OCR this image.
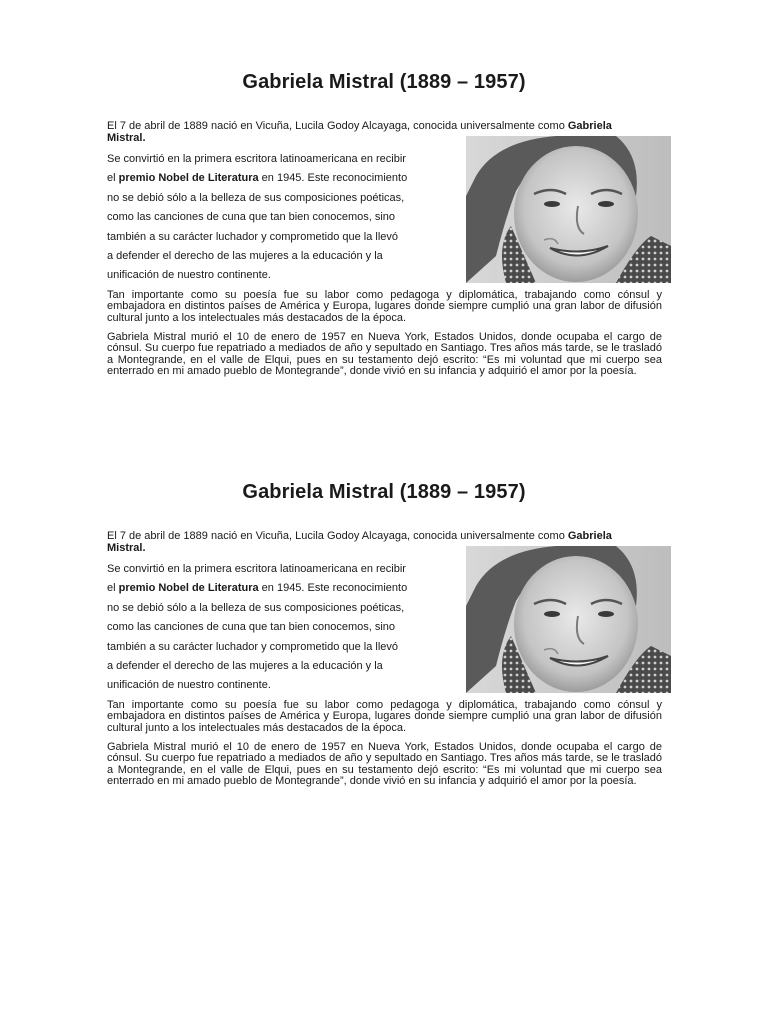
Gabriela Mistral (1889 – 1957)
El 7 de abril de 1889 nació en Vicuña, Lucila Godoy Alcayaga, conocida universalmente como Gabriela Mistral.
Se convirtió en la primera escritora latinoamericana en recibir
el premio Nobel de Literatura en 1945. Este reconocimiento
no se debió sólo a la belleza de sus composiciones poéticas,
como las canciones de cuna que tan bien conocemos, sino
también a su carácter luchador y comprometido que la llevó
a defender el derecho de las mujeres a la educación y la
unificación de nuestro continente.
Tan importante como su poesía fue su labor como pedagoga y diplomática, trabajando como cónsul y embajadora en distintos países de América y Europa, lugares donde siempre cumplió una gran labor de difusión cultural junto a los intelectuales más destacados de la época.
Gabriela Mistral murió el 10 de enero de 1957 en Nueva York, Estados Unidos, donde ocupaba el cargo de cónsul. Su cuerpo fue repatriado a mediados de año y sepultado en Santiago. Tres años más tarde, se le trasladó a Montegrande, en el valle de Elqui, pues en su testamento dejó escrito: “Es mi voluntad que mi cuerpo sea enterrado en mi amado pueblo de Montegrande”, donde vivió en su infancia y adquirió el amor por la poesía.
Gabriela Mistral (1889 – 1957)
El 7 de abril de 1889 nació en Vicuña, Lucila Godoy Alcayaga, conocida universalmente como Gabriela Mistral.
Se convirtió en la primera escritora latinoamericana en recibir
el premio Nobel de Literatura en 1945. Este reconocimiento
no se debió sólo a la belleza de sus composiciones poéticas,
como las canciones de cuna que tan bien conocemos, sino
también a su carácter luchador y comprometido que la llevó
a defender el derecho de las mujeres a la educación y la
unificación de nuestro continente.
Tan importante como su poesía fue su labor como pedagoga y diplomática, trabajando como cónsul y embajadora en distintos países de América y Europa, lugares donde siempre cumplió una gran labor de difusión cultural junto a los intelectuales más destacados de la época.
Gabriela Mistral murió el 10 de enero de 1957 en Nueva York, Estados Unidos, donde ocupaba el cargo de cónsul. Su cuerpo fue repatriado a mediados de año y sepultado en Santiago. Tres años más tarde, se le trasladó a Montegrande, en el valle de Elqui, pues en su testamento dejó escrito: “Es mi voluntad que mi cuerpo sea enterrado en mi amado pueblo de Montegrande”, donde vivió en su infancia y adquirió el amor por la poesía.
